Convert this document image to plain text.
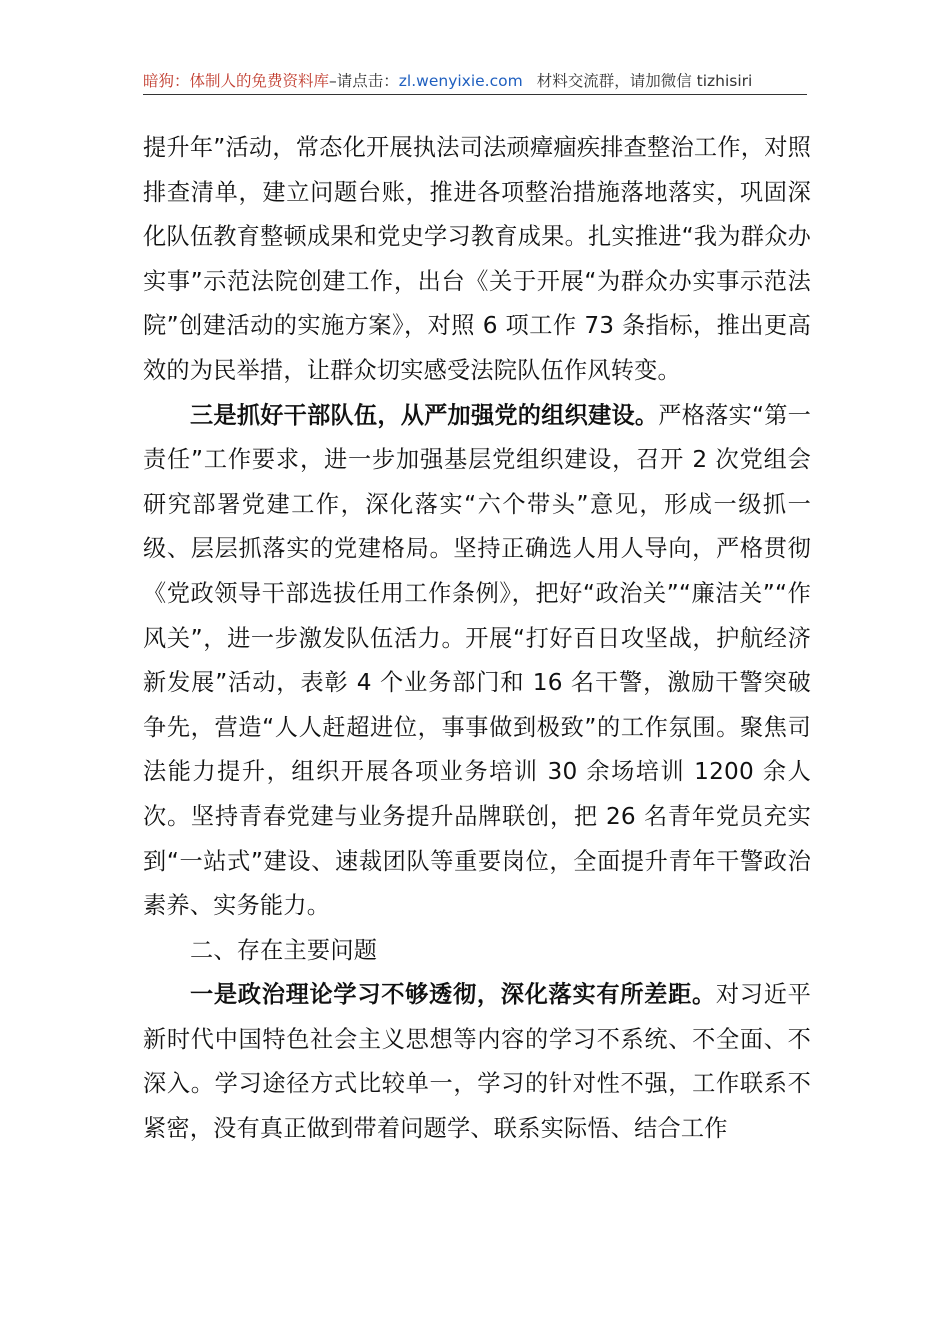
暗狗：体制人的免费资料库–请点击：zl.wenyixie.com 材料交流群，请加微信 tizhisiri

提升年”活动，常态化开展执法司法顽瘴痼疾排查整治工作，对照排查清单，建立问题台账，推进各项整治措施落地落实，巩固深化队伍教育整顿成果和党史学习教育成果。扎实推进“我为群众办实事”示范法院创建工作，出台《关于开展“为群众办实事示范法院”创建活动的实施方案》，对照 6 项工作 73 条指标，推出更高效的为民举措，让群众切实感受法院队伍作风转变。

三是抓好干部队伍，从严加强党的组织建设。严格落实“第一责任”工作要求，进一步加强基层党组织建设，召开 2 次党组会研究部署党建工作，深化落实“六个带头”意见，形成一级抓一级、层层抓落实的党建格局。坚持正确选人用人导向，严格贯彻《党政领导干部选拔任用工作条例》，把好“政治关”“廉洁关”“作风关”，进一步激发队伍活力。开展“打好百日攻坚战，护航经济新发展”活动，表彰 4 个业务部门和 16 名干警，激励干警突破争先，营造“人人赶超进位，事事做到极致”的工作氛围。聚焦司法能力提升，组织开展各项业务培训 30 余场培训 1200 余人次。坚持青春党建与业务提升品牌联创，把 26 名青年党员充实到“一站式”建设、速裁团队等重要岗位，全面提升青年干警政治素养、实务能力。

二、存在主要问题

一是政治理论学习不够透彻，深化落实有所差距。对习近平新时代中国特色社会主义思想等内容的学习不系统、不全面、不深入。学习途径方式比较单一，学习的针对性不强，工作联系不紧密，没有真正做到带着问题学、联系实际悟、结合工作
